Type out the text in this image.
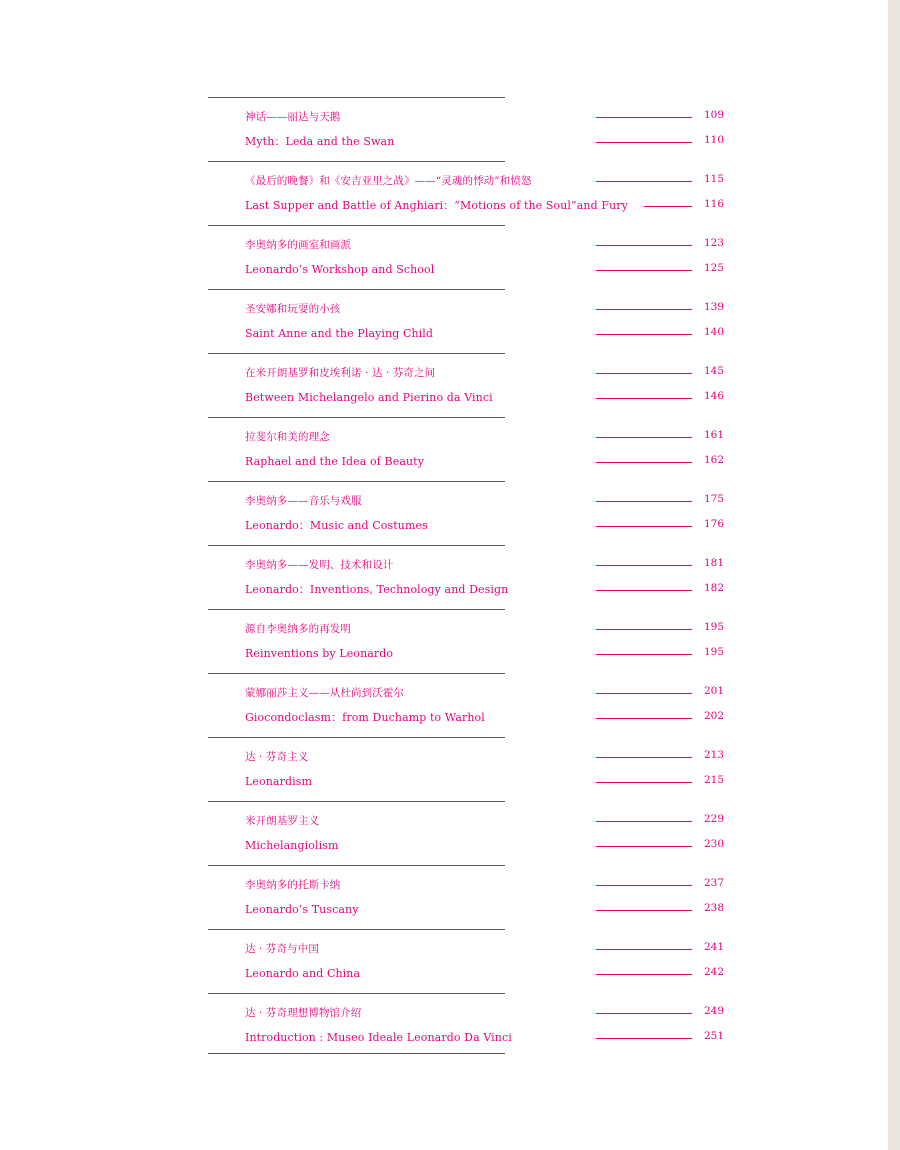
神话——丽达与天鹅	109
Myth：Leda and the Swan	110
《最后的晚餐》和《安吉亚里之战》——“灵魂的悸动”和愤怒	115
Last Supper and Battle of Anghiari：“Motions of the Soul”and Fury	116
李奥纳多的画室和画派	123
Leonardo’s Workshop and School	125
圣安娜和玩耍的小孩	139
Saint Anne and the Playing Child	140
在米开朗基罗和皮埃利诺 · 达 · 芬奇之间	145
Between Michelangelo and Pierino da Vinci	146
拉斐尔和美的理念	161
Raphael and the Idea of Beauty	162
李奥纳多——音乐与戏服	175
Leonardo：Music and Costumes	176
李奥纳多——发明、技术和设计	181
Leonardo：Inventions, Technology and Design	182
源自李奥纳多的再发明	195
Reinventions by Leonardo	195
蒙娜丽莎主义——从杜尚到沃霍尔	201
Giocondoclasm：from Duchamp to Warhol	202
达 · 芬奇主义	213
Leonardism	215
米开朗基罗主义	229
Michelangiolism	230
李奥纳多的托斯卡纳	237
Leonardo’s Tuscany	238
达 · 芬奇与中国	241
Leonardo and China	242
达 · 芬奇理想博物馆介绍	249
Introduction : Museo Ideale Leonardo Da Vinci	251
